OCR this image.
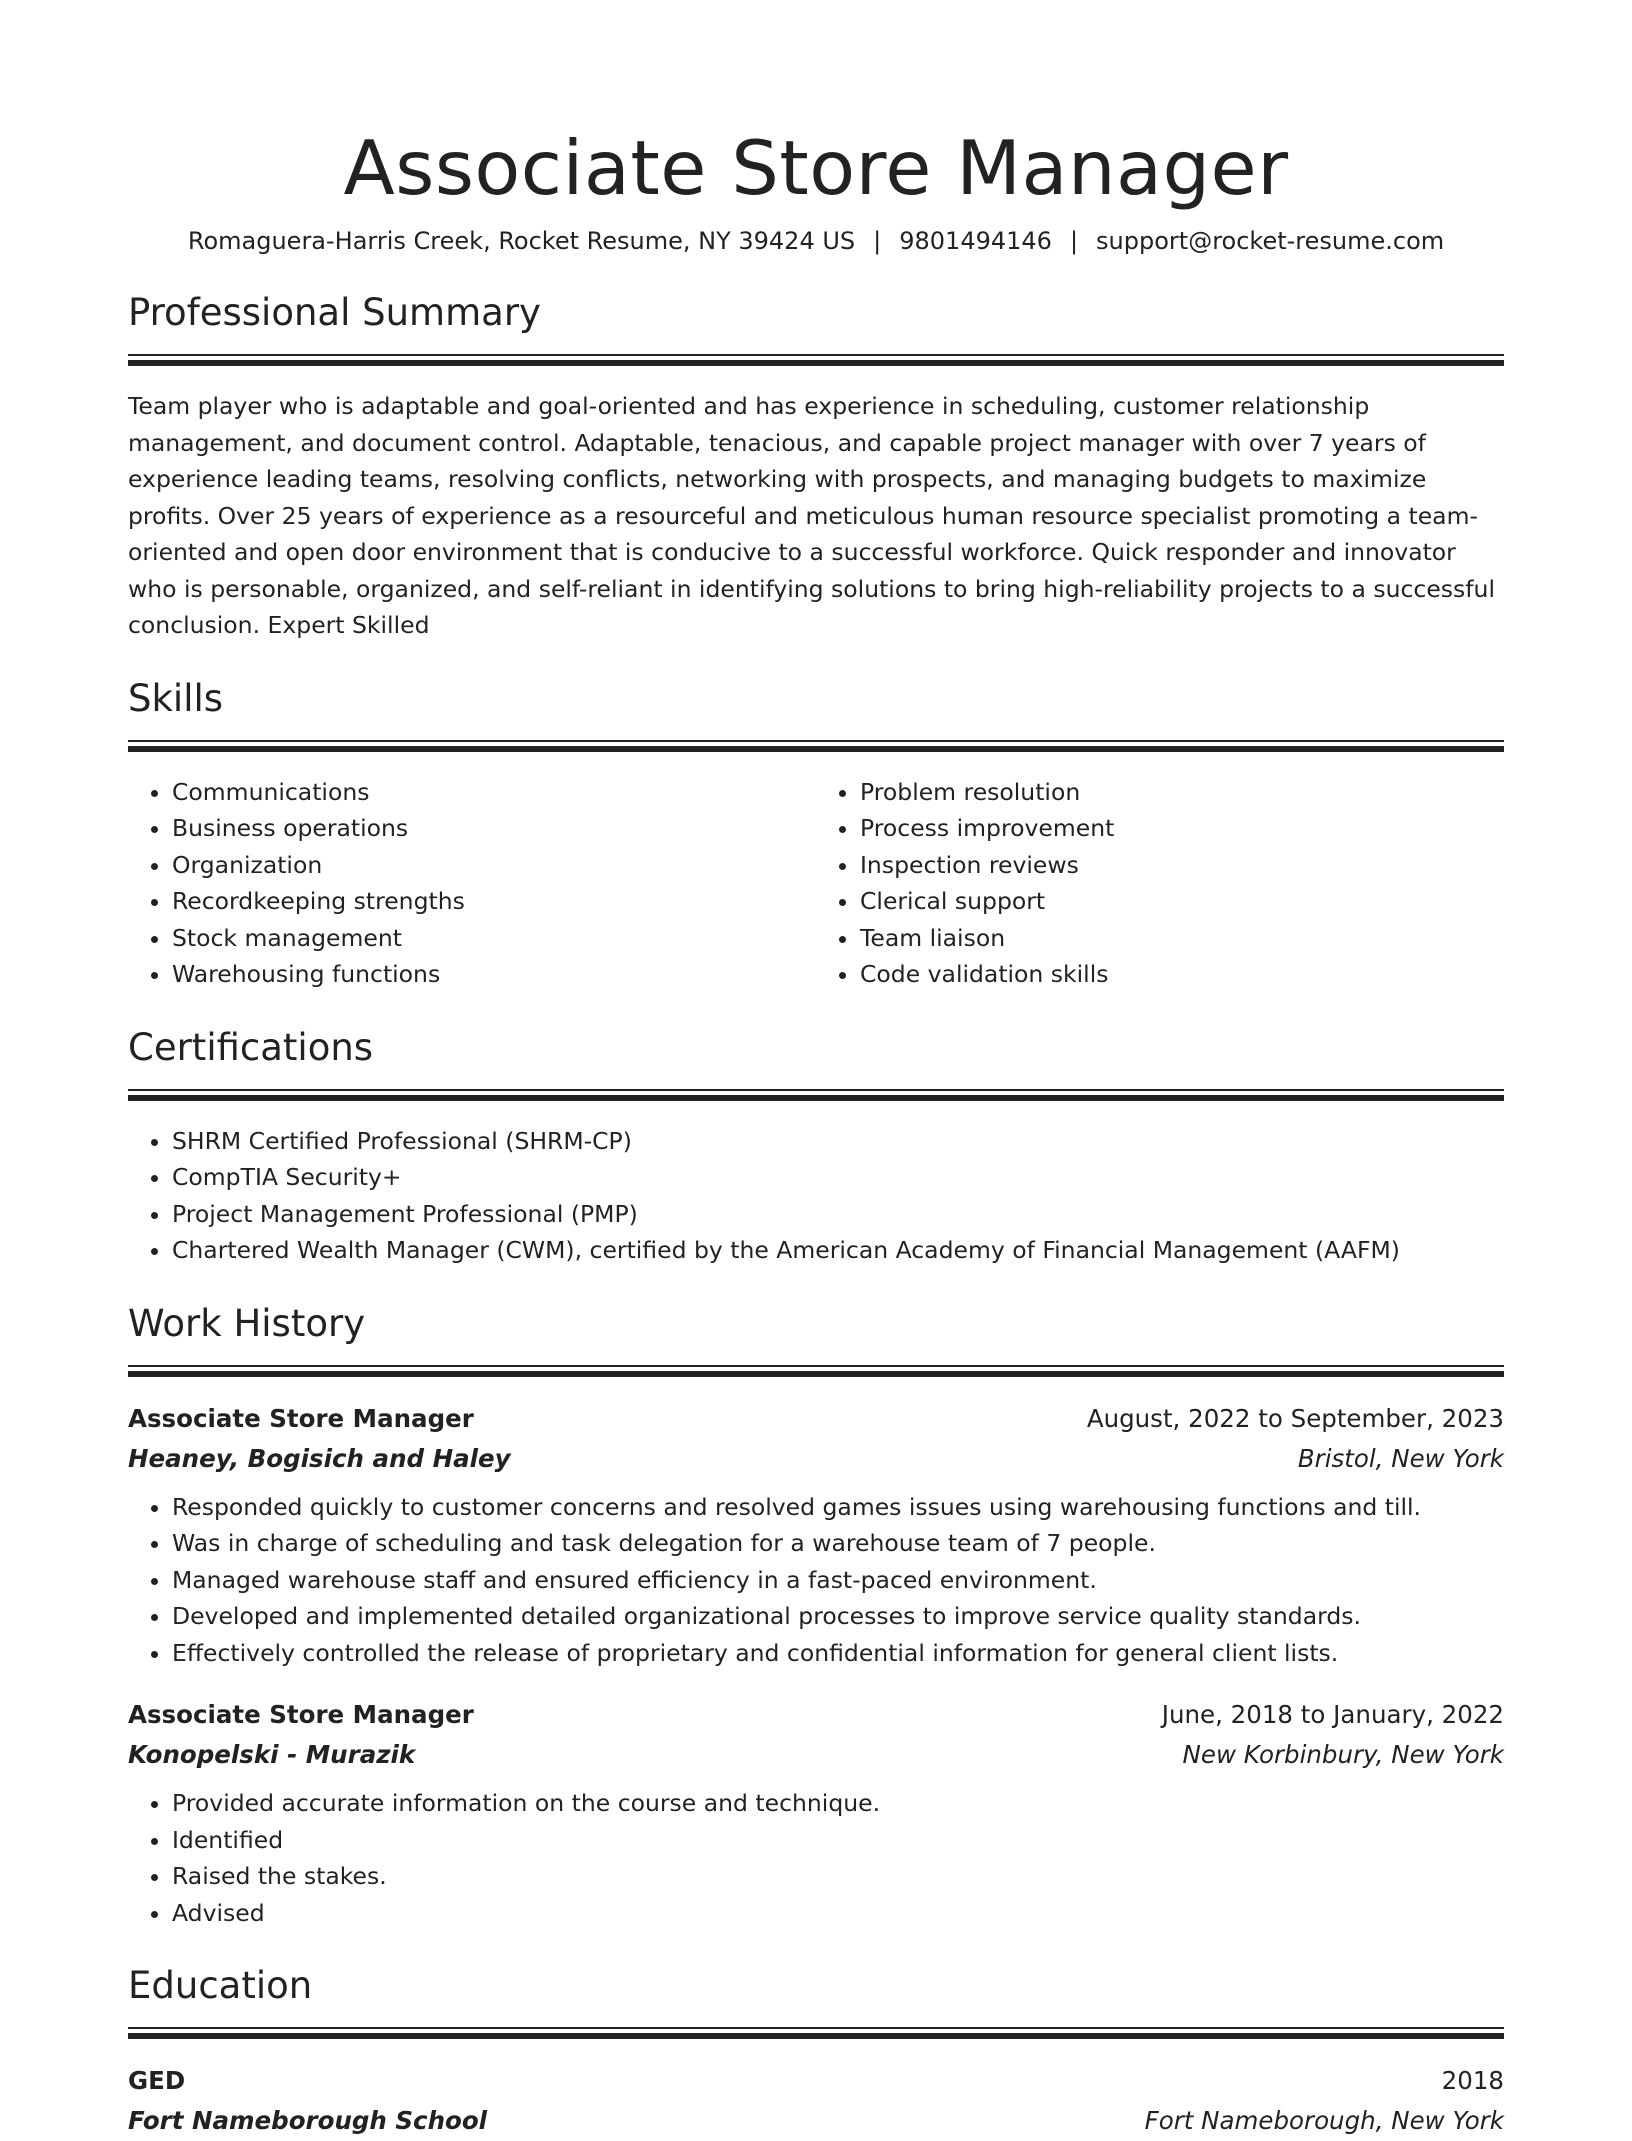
Associate Store Manager
Romaguera-Harris Creek, Rocket Resume, NY 39424 US | 9801494146 | support@rocket-resume.com
Professional Summary

Team player who is adaptable and goal-oriented and has experience in scheduling, customer relationship management, and document control. Adaptable, tenacious, and capable project manager with over 7 years of experience leading teams, resolving conflicts, networking with prospects, and managing budgets to maximize profits. Over 25 years of experience as a resourceful and meticulous human resource specialist promoting a team-oriented and open door environment that is conducive to a successful workforce. Quick responder and innovator who is personable, organized, and self-reliant in identifying solutions to bring high-reliability projects to a successful conclusion. Expert Skilled

Skills
• Communications
• Business operations
• Organization
• Recordkeeping strengths
• Stock management
• Warehousing functions
• Problem resolution
• Process improvement
• Inspection reviews
• Clerical support
• Team liaison
• Code validation skills
Certifications
• SHRM Certified Professional (SHRM-CP)
• CompTIA Security+
• Project Management Professional (PMP)
• Chartered Wealth Manager (CWM), certified by the American Academy of Financial Management (AAFM)
Work History
Associate Store Manager	August, 2022 to September, 2023
Heaney, Bogisich and Haley	Bristol, New York
• Responded quickly to customer concerns and resolved games issues using warehousing functions and till.
• Was in charge of scheduling and task delegation for a warehouse team of 7 people.
• Managed warehouse staff and ensured efficiency in a fast-paced environment.
• Developed and implemented detailed organizational processes to improve service quality standards.
• Effectively controlled the release of proprietary and confidential information for general client lists.
Associate Store Manager	June, 2018 to January, 2022
Konopelski - Murazik	New Korbinbury, New York
• Provided accurate information on the course and technique.
• Identified
• Raised the stakes.
• Advised
Education
GED	2018
Fort Nameborough School	Fort Nameborough, New York
